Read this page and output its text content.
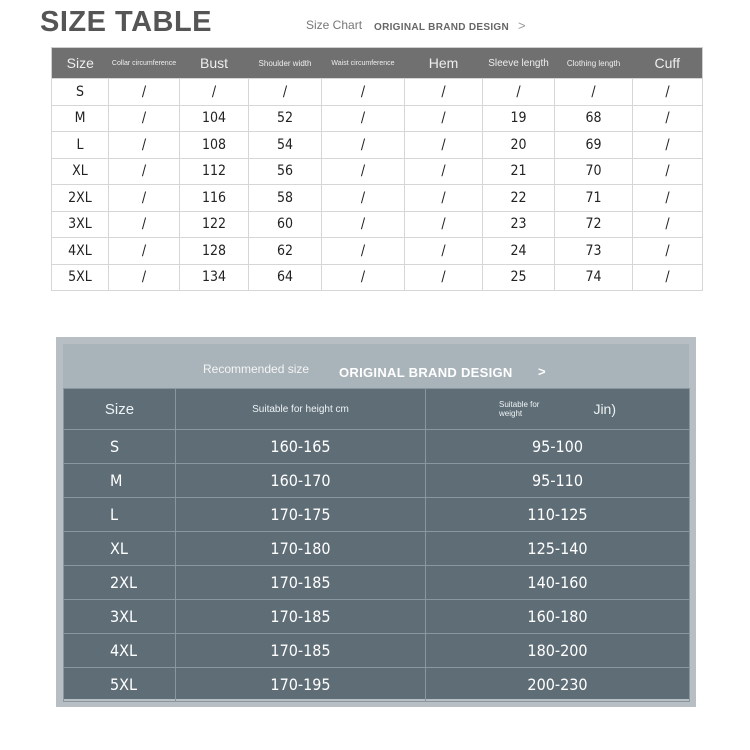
SIZE TABLE	Size Chart ORIGINAL BRAND DESIGN >
Size	Collar circumference	Bust	Shoulder width	Waist circumference	Hem	Sleeve length	Clothing length	Cuff
S	/	/	/	/	/	/	/	/
M	/	104	52	/	/	19	68	/
L	/	108	54	/	/	20	69	/
XL	/	112	56	/	/	21	70	/
2XL	/	116	58	/	/	22	71	/
3XL	/	122	60	/	/	23	72	/
4XL	/	128	62	/	/	24	73	/
5XL	/	134	64	/	/	25	74	/
Recommended size ORIGINAL BRAND DESIGN >
Size	Suitable for height cm	Suitable for weight Jin)
S	160-165	95-100
M	160-170	95-110
L	170-175	110-125
XL	170-180	125-140
2XL	170-185	140-160
3XL	170-185	160-180
4XL	170-185	180-200
5XL	170-195	200-230
